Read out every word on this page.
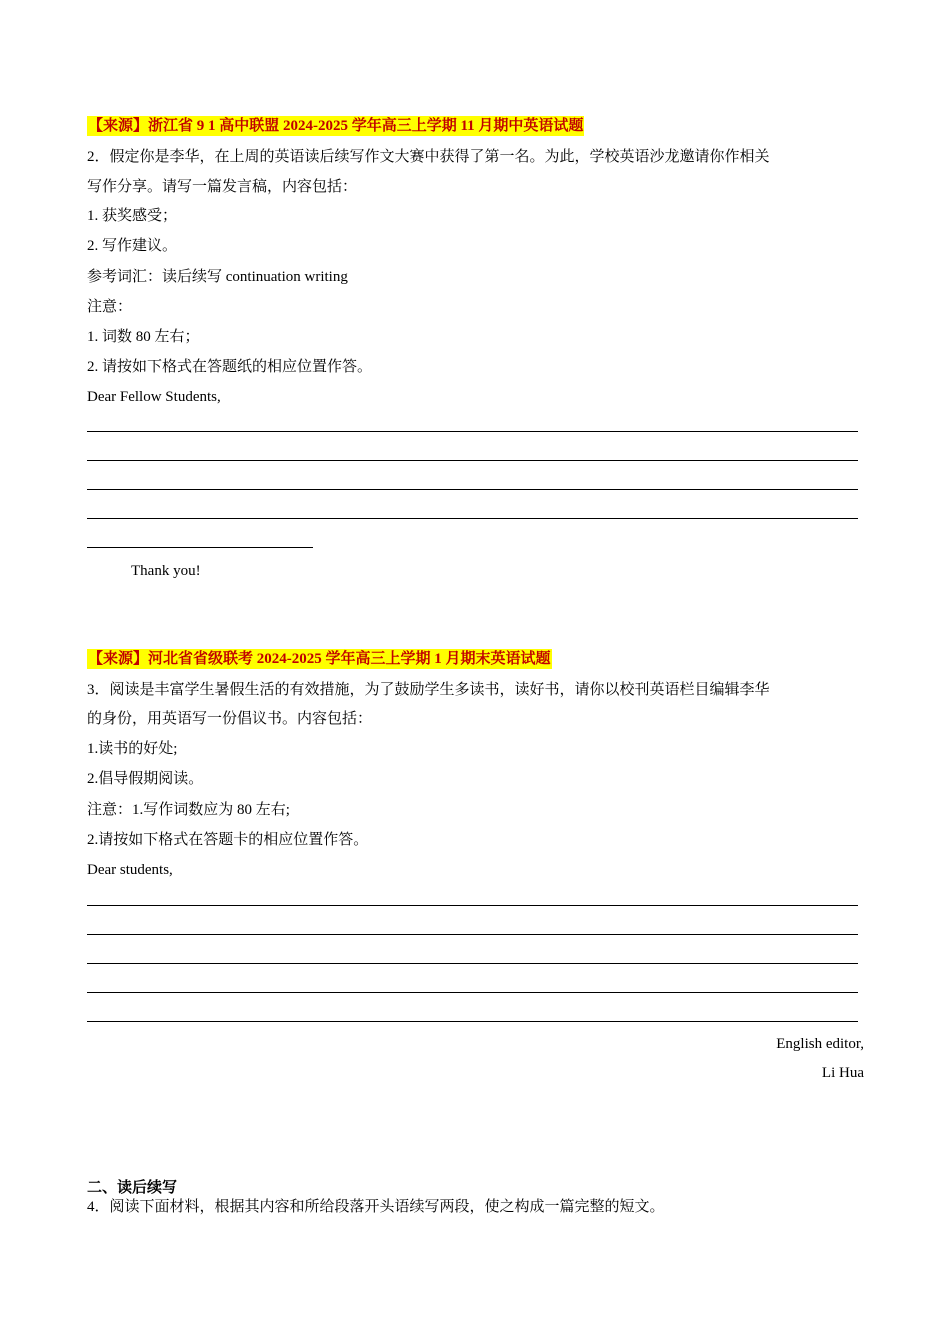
【来源】浙江省 9 1 高中联盟 2024-2025 学年高三上学期 11 月期中英语试题
2．假定你是李华，在上周的英语读后续写作文大赛中获得了第一名。为此，学校英语沙龙邀请你作相关
写作分享。请写一篇发言稿，内容包括：
1. 获奖感受；
2. 写作建议。
参考词汇：读后续写 continuation writing
注意：
1. 词数 80 左右；
2. 请按如下格式在答题纸的相应位置作答。
Dear Fellow Students,
Thank you!
【来源】河北省省级联考 2024-2025 学年高三上学期 1 月期末英语试题
3．阅读是丰富学生暑假生活的有效措施，为了鼓励学生多读书，读好书，请你以校刊英语栏目编辑李华
的身份，用英语写一份倡议书。内容包括：
1.读书的好处;
2.倡导假期阅读。
注意：1.写作词数应为 80 左右;
2.请按如下格式在答题卡的相应位置作答。
Dear students,
English editor,
Li Hua
二、读后续写
4．阅读下面材料，根据其内容和所给段落开头语续写两段，使之构成一篇完整的短文。
